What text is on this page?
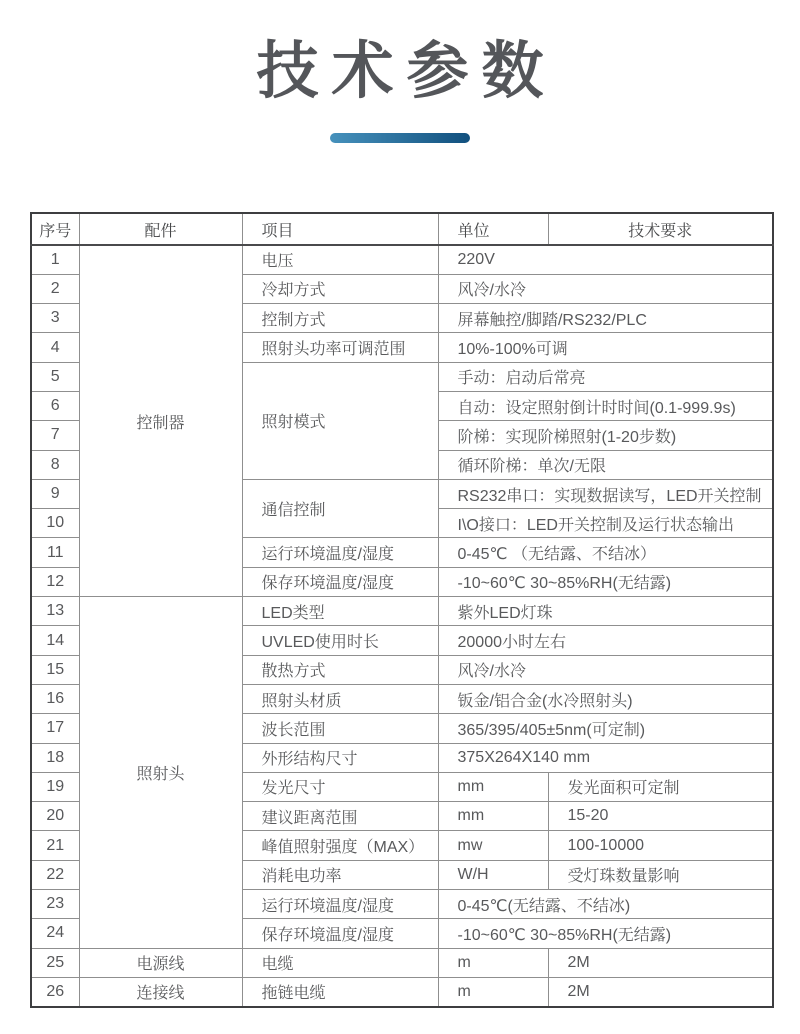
技术参数
序号	配件	项目	单位	技术要求
1	控制器	电压	220V	
2		冷却方式	风冷/水冷	
3		控制方式	屏幕触控/脚踏/RS232/PLC	
4		照射头功率可调范围	10%-100%可调	
5		照射模式	手动：启动后常亮	
6			自动：设定照射倒计时时间(0.1-999.9s)	
7			阶梯：实现阶梯照射(1-20步数)	
8			循环阶梯：单次/无限	
9		通信控制	RS232串口：实现数据读写，LED开关控制	
10			I\O接口：LED开关控制及运行状态输出	
11		运行环境温度/湿度	0-45℃ （无结露、不结冰）	
12		保存环境温度/湿度	-10~60℃ 30~85%RH(无结露)	
13	照射头	LED类型	紫外LED灯珠	
14		UVLED使用时长	20000小时左右	
15		散热方式	风冷/水冷	
16		照射头材质	钣金/铝合金(水冷照射头)	
17		波长范围	365/395/405±5nm(可定制)	
18		外形结构尺寸	375X264X140 mm	
19		发光尺寸	mm	发光面积可定制
20		建议距离范围	mm	15-20
21		峰值照射强度（MAX）	mw	100-10000
22		消耗电功率	W/H	受灯珠数量影响
23		运行环境温度/湿度	0-45℃(无结露、不结冰)	
24		保存环境温度/湿度	-10~60℃ 30~85%RH(无结露)	
25	电源线	电缆	m	2M
26	连接线	拖链电缆	m	2M
